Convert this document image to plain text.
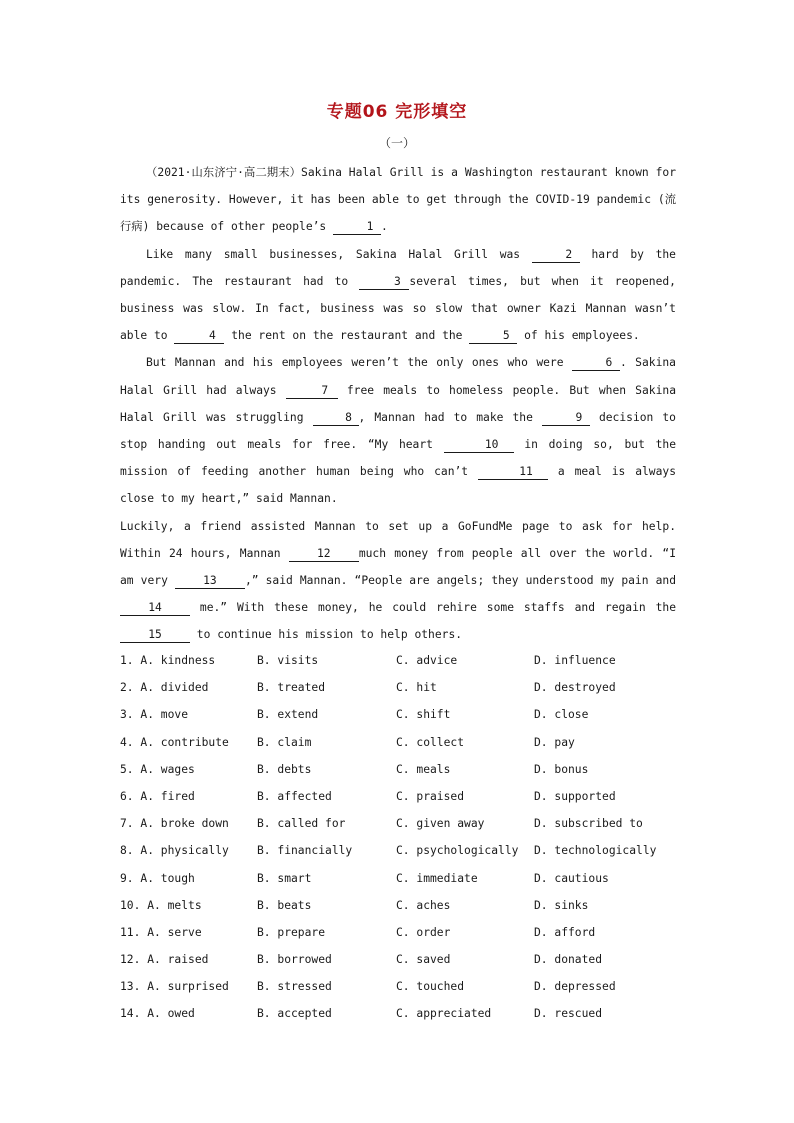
专题06 完形填空
（一）

（2021·山东济宁·高二期末）Sakina Halal Grill is a Washington restaurant known for its generosity. However, it has been able to get through the COVID-19 pandemic (流行病) because of other people’s	1 .

Like many small businesses, Sakina Halal Grill was	2 hard by the pandemic. The restaurant had to	3 several times, but when it reopened, business was slow. In fact, business was so slow that owner Kazi Mannan wasn’t able to	4 the rent on the restaurant and the	5 of his employees.

But Mannan and his employees weren’t the only ones who were	6 . Sakina Halal Grill had always	7 free meals to homeless people. But when Sakina Halal Grill was struggling	8 , Mannan had to make the	9 decision to stop handing out meals for free. “My heart	10 in doing so, but the mission of feeding another human being who can’t	11 a meal is always close to my heart,” said Mannan.

Luckily, a friend assisted Mannan to set up a GoFundMe page to ask for help. Within 24 hours, Mannan 12 much money from people all over the world. “I am very 13 ,” said Mannan. “People are angels; they understood my pain and 14 me.” With these money, he could rehire some staffs and regain the 15 to continue his mission to help others.

1. A. kindness	B. visits	C. advice	D. influence
2. A. divided	B. treated	C. hit	D. destroyed
3. A. move	B. extend	C. shift	D. close
4. A. contribute	B. claim	C. collect	D. pay
5. A. wages	B. debts	C. meals	D. bonus
6. A. fired	B. affected	C. praised	D. supported
7. A. broke down	B. called for	C. given away	D. subscribed to
8. A. physically	B. financially	C. psychologically	D. technologically
9. A. tough	B. smart	C. immediate	D. cautious
10. A. melts	B. beats	C. aches	D. sinks
11. A. serve	B. prepare	C. order	D. afford
12. A. raised	B. borrowed	C. saved	D. donated
13. A. surprised	B. stressed	C. touched	D. depressed
14. A. owed	B. accepted	C. appreciated	D. rescued
